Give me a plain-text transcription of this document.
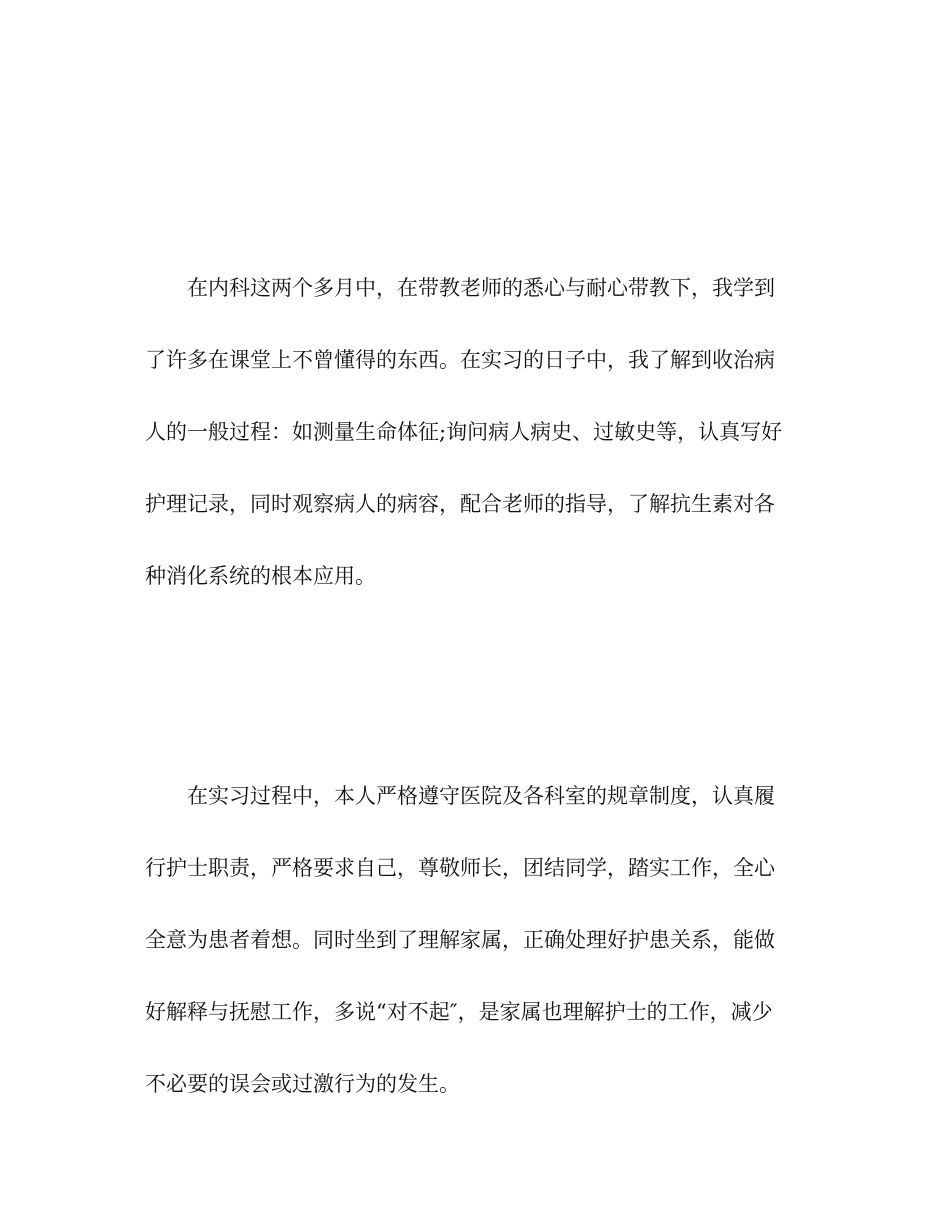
在内科这两个多月中，在带教老师的悉心与耐心带教下，我学到
了许多在课堂上不曾懂得的东西。在实习的日子中，我了解到收治病
人的一般过程：如测量生命体征;询问病人病史、过敏史等，认真写好
护理记录，同时观察病人的病容，配合老师的指导，了解抗生素对各
种消化系统的根本应用。
在实习过程中，本人严格遵守医院及各科室的规章制度，认真履
行护士职责，严格要求自己，尊敬师长，团结同学，踏实工作，全心
全意为患者着想。同时坐到了理解家属，正确处理好护患关系，能做
好解释与抚慰工作，多说“对不起″，是家属也理解护士的工作，减少
不必要的误会或过激行为的发生。
